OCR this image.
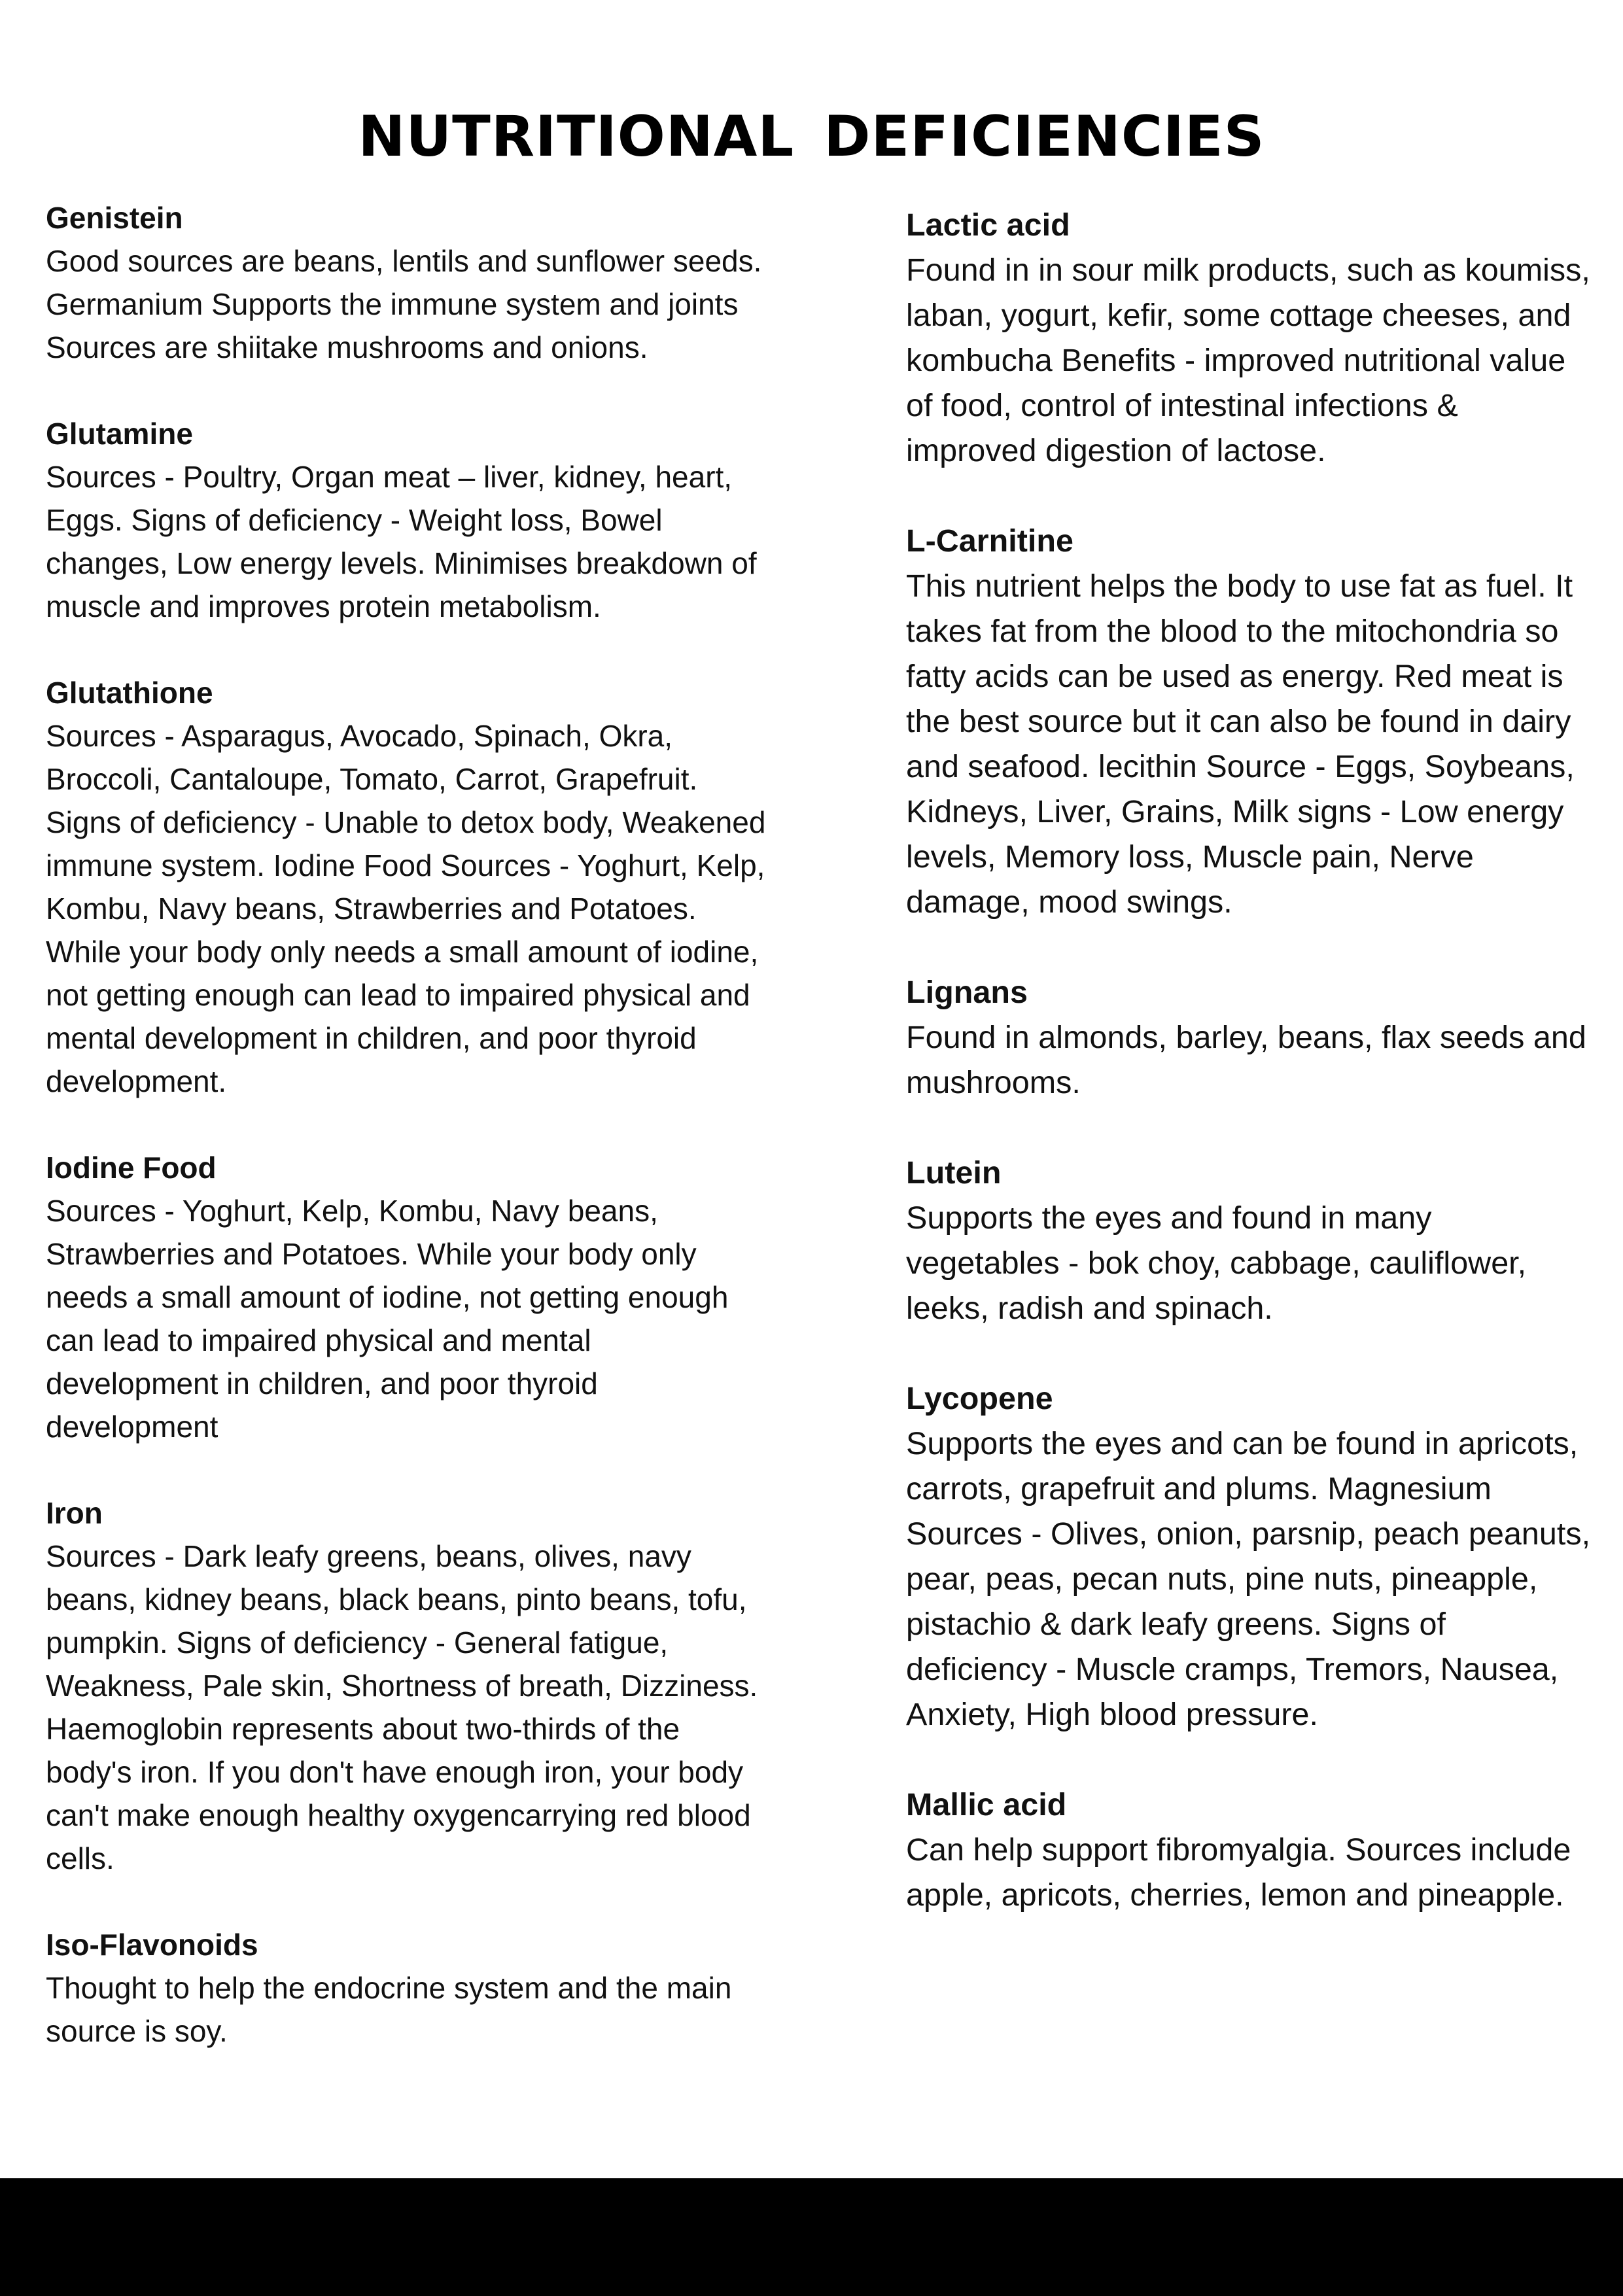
NUTRITIONAL DEFICIENCIES
Genistein
Good sources are beans, lentils and sunflower seeds. Germanium Supports the immune system and joints Sources are shiitake mushrooms and onions.
Glutamine
Sources - Poultry, Organ meat – liver, kidney, heart, Eggs. Signs of deficiency - Weight loss, Bowel changes, Low energy levels. Minimises breakdown of muscle and improves protein metabolism.
Glutathione
Sources - Asparagus, Avocado, Spinach, Okra, Broccoli, Cantaloupe, Tomato, Carrot, Grapefruit. Signs of deficiency - Unable to detox body, Weakened immune system. Iodine Food Sources - Yoghurt, Kelp, Kombu, Navy beans, Strawberries and Potatoes. While your body only needs a small amount of iodine, not getting enough can lead to impaired physical and mental development in children, and poor thyroid development.
Iodine Food
Sources - Yoghurt, Kelp, Kombu, Navy beans, Strawberries and Potatoes. While your body only needs a small amount of iodine, not getting enough can lead to impaired physical and mental development in children, and poor thyroid development
Iron
Sources - Dark leafy greens, beans, olives, navy beans, kidney beans, black beans, pinto beans, tofu, pumpkin. Signs of deficiency - General fatigue, Weakness, Pale skin, Shortness of breath, Dizziness. Haemoglobin represents about two-thirds of the body's iron. If you don't have enough iron, your body can't make enough healthy oxygencarrying red blood cells.
Iso-Flavonoids
Thought to help the endocrine system and the main source is soy.
Lactic acid
Found in in sour milk products, such as koumiss, laban, yogurt, kefir, some cottage cheeses, and kombucha Benefits - improved nutritional value of food, control of intestinal infections & improved digestion of lactose.
L-Carnitine
This nutrient helps the body to use fat as fuel. It takes fat from the blood to the mitochondria so fatty acids can be used as energy. Red meat is the best source but it can also be found in dairy and seafood. lecithin Source - Eggs, Soybeans, Kidneys, Liver, Grains, Milk signs - Low energy levels, Memory loss, Muscle pain, Nerve damage, mood swings.
Lignans
Found in almonds, barley, beans, flax seeds and mushrooms.
Lutein
Supports the eyes and found in many vegetables - bok choy, cabbage, cauliflower, leeks, radish and spinach.
Lycopene
Supports the eyes and can be found in apricots, carrots, grapefruit and plums. Magnesium Sources - Olives, onion, parsnip, peach peanuts, pear, peas, pecan nuts, pine nuts, pineapple, pistachio & dark leafy greens. Signs of deficiency - Muscle cramps, Tremors, Nausea, Anxiety, High blood pressure.
Mallic acid
Can help support fibromyalgia. Sources include apple, apricots, cherries, lemon and pineapple.
